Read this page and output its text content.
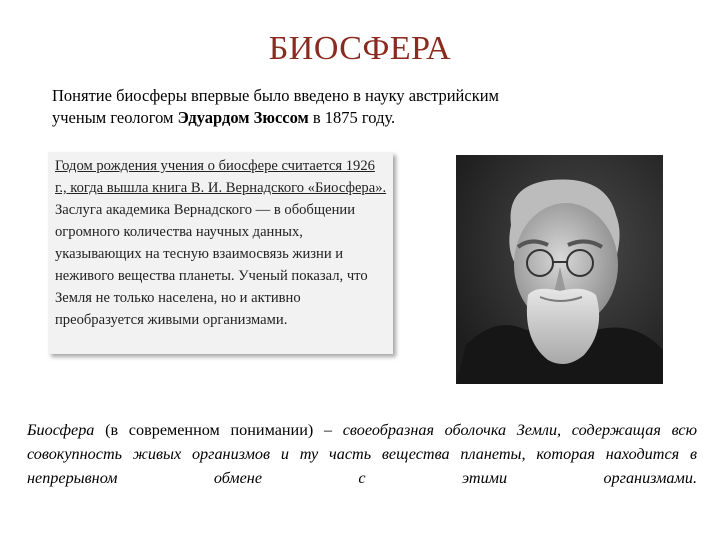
БИОСФЕРА
Понятие биосферы впервые было введено в науку австрийским
ученым геологом Эдуардом Зюссом в 1875 году.
Годом рождения учения о биосфере считается 1926 г., когда вышла книга В. И. Вернадского «Биосфера». Заслуга академика Вернадского — в обобщении огромного количества научных данных, указывающих на тесную взаимосвязь жизни и неживого вещества планеты. Ученый показал, что Земля не только населена, но и активно преобразуется живыми организмами.
Биосфера (в современном понимании) – своеобразная оболочка Земли, содержащая всю совокупность живых организмов и ту часть вещества планеты, которая находится в непрерывном обмене с этими организмами.
